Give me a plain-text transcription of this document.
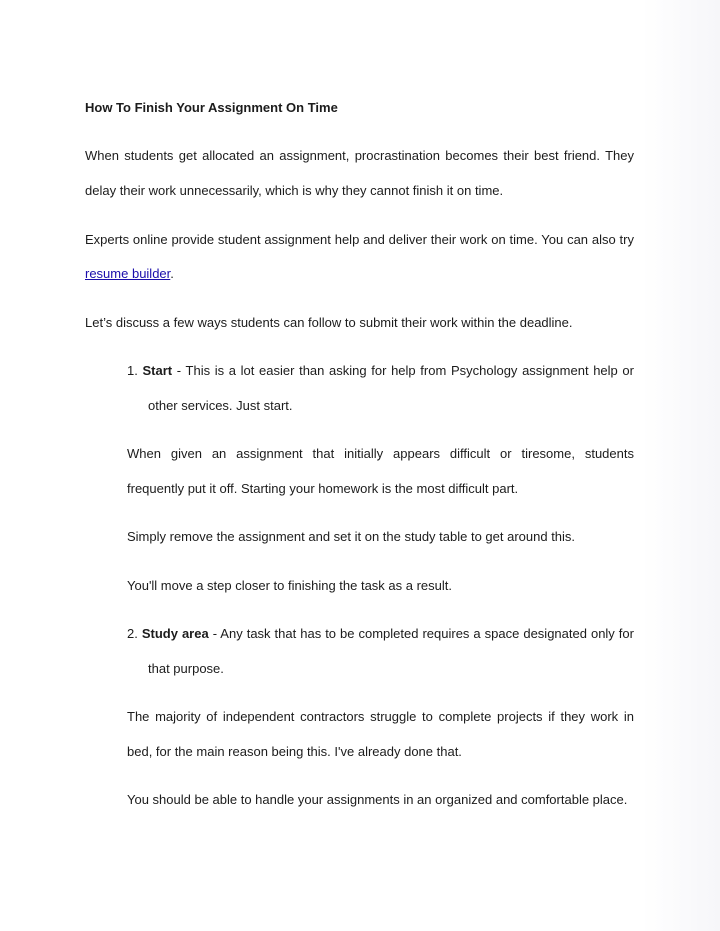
How To Finish Your Assignment On Time
When students get allocated an assignment, procrastination becomes their best friend. They
delay their work unnecessarily, which is why they cannot finish it on time.
Experts online provide student assignment help and deliver their work on time. You can also try
resume builder.
Let’s discuss a few ways students can follow to submit their work within the deadline.
1. Start - This is a lot easier than asking for help from Psychology assignment help or
other services. Just start.
When given an assignment that initially appears difficult or tiresome, students
frequently put it off. Starting your homework is the most difficult part.
Simply remove the assignment and set it on the study table to get around this.
You'll move a step closer to finishing the task as a result.
2. Study area - Any task that has to be completed requires a space designated only for
that purpose.
The majority of independent contractors struggle to complete projects if they work in
bed, for the main reason being this. I've already done that.
You should be able to handle your assignments in an organized and comfortable place.
